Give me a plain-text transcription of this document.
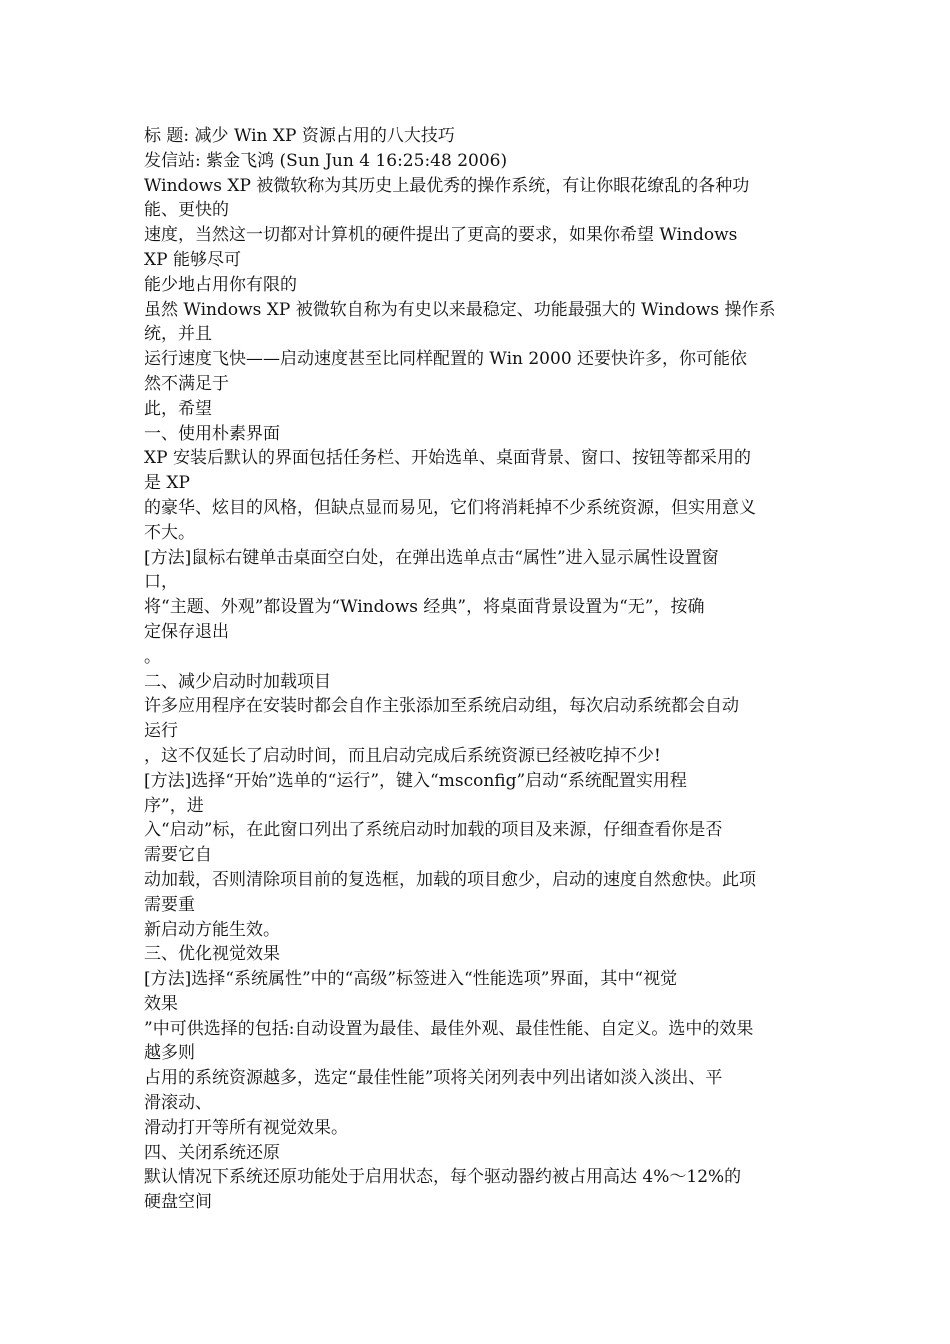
标 题: 减少 Win XP 资源占用的八大技巧
发信站: 紫金飞鸿 (Sun Jun 4 16:25:48 2006)
Windows XP 被微软称为其历史上最优秀的操作系统，有让你眼花缭乱的各种功
能、更快的
速度，当然这一切都对计算机的硬件提出了更高的要求，如果你希望 Windows
XP 能够尽可
能少地占用你有限的
虽然 Windows XP 被微软自称为有史以来最稳定、功能最强大的 Windows 操作系
统，并且
运行速度飞快——启动速度甚至比同样配置的 Win 2000 还要快许多，你可能依
然不满足于
此，希望
一、使用朴素界面
XP 安装后默认的界面包括任务栏、开始选单、桌面背景、窗口、按钮等都采用的
是 XP
的豪华、炫目的风格，但缺点显而易见，它们将消耗掉不少系统资源，但实用意义
不大。
[方法]鼠标右键单击桌面空白处，在弹出选单点击“属性”进入显示属性设置窗
口，
将“主题、外观”都设置为“Windows 经典”，将桌面背景设置为“无”，按确
定保存退出
。
二、减少启动时加载项目
许多应用程序在安装时都会自作主张添加至系统启动组，每次启动系统都会自动
运行
，这不仅延长了启动时间，而且启动完成后系统资源已经被吃掉不少!
[方法]选择“开始”选单的“运行”，键入“msconfig”启动“系统配置实用程
序”，进
入“启动”标，在此窗口列出了系统启动时加载的项目及来源，仔细查看你是否
需要它自
动加载，否则清除项目前的复选框，加载的项目愈少，启动的速度自然愈快。此项
需要重
新启动方能生效。
三、优化视觉效果
[方法]选择“系统属性”中的“高级”标签进入“性能选项”界面，其中“视觉
效果
”中可供选择的包括:自动设置为最佳、最佳外观、最佳性能、自定义。选中的效果
越多则
占用的系统资源越多，选定“最佳性能”项将关闭列表中列出诸如淡入淡出、平
滑滚动、
滑动打开等所有视觉效果。
四、关闭系统还原
默认情况下系统还原功能处于启用状态，每个驱动器约被占用高达 4%～12%的
硬盘空间
